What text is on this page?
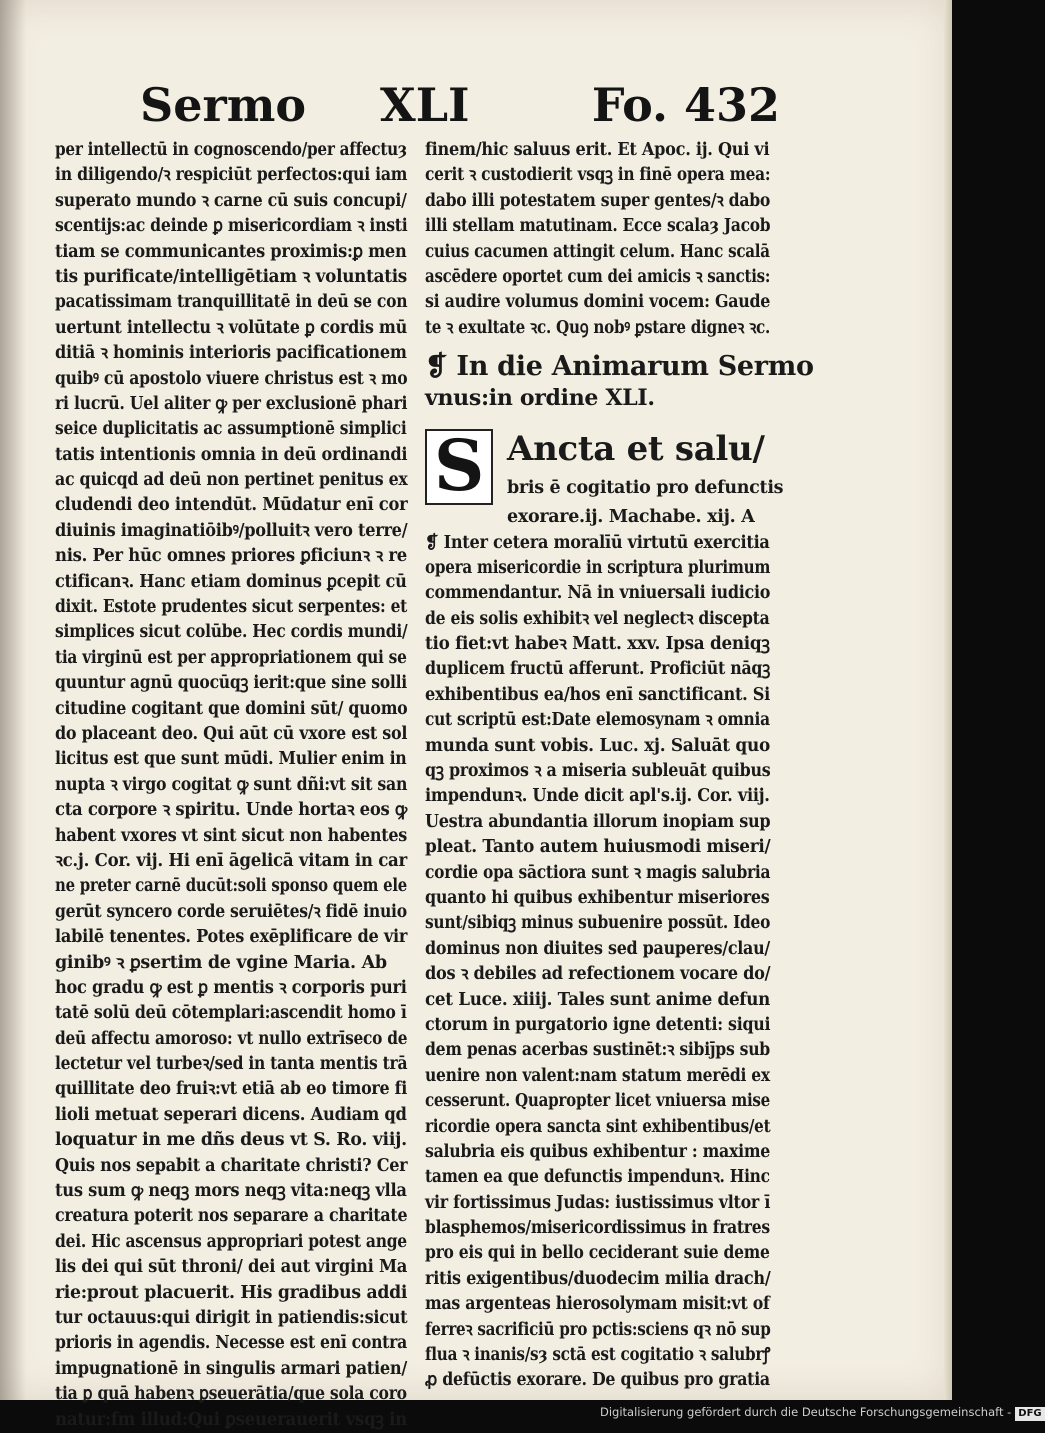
Sermo XLI	Fo. 432
per intellectū in cognoscendo/per affectuȝ
in diligendo/ꝛ respiciūt perfectos:qui iam
superato mundo ꝛ carne cū suis concupi/
scentijs:ac deinde ꝑ misericordiam ꝛ insti
tiam se communicantes proximis:ꝑ men
tis purificate/intelligētiam ꝛ voluntatis
pacatissimam tranquillitatē in deū se con
uertunt intellectu ꝛ volūtate ꝑ cordis mū
ditiā ꝛ hominis interioris pacificationem
quibꝰ cū apostolo viuere christus est ꝛ mo
ri lucrū. Uel aliter ꝙ per exclusionē phari
seice duplicitatis ac assumptionē simplici
tatis intentionis omnia in deū ordinandi
ac quicqd ad deū non pertinet penitus ex
cludendi deo intendūt. Mūdatur enī cor
diuinis imaginatiōibꝰ/polluitꝛ vero terre/
nis. Per hūc omnes priores ꝑficiunꝛ ꝛ re
ctificanꝛ. Hanc etiam dominus ꝑcepit cū
dixit. Estote prudentes sicut serpentes: et
simplices sicut colūbe. Hec cordis mundi/
tia virginū est per appropriationem qui se
quuntur agnū quocūqꝫ ierit:que sine solli
citudine cogitant que domini sūt/ quomo
do placeant deo. Qui aūt cū vxore est sol
licitus est que sunt mūdi. Mulier enim in
nupta ꝛ virgo cogitat ꝙ sunt dñi:vt sit san
cta corpore ꝛ spiritu. Unde hortaꝛ eos ꝙ
habent vxores vt sint sicut non habentes
ꝛc.j. Cor. vij. Hi enī āgelicā vitam in car
ne preter carnē ducūt:soli sponso quem ele
gerūt syncero corde seruiētes/ꝛ fidē inuio
labilē tenentes. Potes exēplificare de vir
ginibꝰ ꝛ ꝑsertim de vgine Maria. Ab
hoc gradu ꝙ est ꝑ mentis ꝛ corporis puri
tatē solū deū cōtemplari:ascendit homo ī
deū affectu amoroso: vt nullo extrīseco de
lectetur vel turbeꝛ/sed in tanta mentis trā
quillitate deo fruiꝛ:vt etiā ab eo timore fi
lioli metuat seperari dicens. Audiam qd
loquatur in me dñs deus vt S. Ro. viij.
Quis nos sepabit a charitate christi? Cer
tus sum ꝙ neqꝫ mors neqꝫ vita:neqꝫ vlla
creatura poterit nos separare a charitate
dei. Hic ascensus appropriari potest ange
lis dei qui sūt throni/ dei aut virgini Ma
rie:prout placuerit. His gradibus addi
tur octauus:qui dirigit in patiendis:sicut
prioris in agendis. Necesse est enī contra
impugnationē in singulis armari patien/
tia ꝑ quā habenꝛ ꝑseuerātia/que sola coro
natur:fm illud:Qui ꝑseuerauerit vsqꝫ in
finem/hic saluus erit. Et Apoc. ij. Qui vi
cerit ꝛ custodierit vsqꝫ in finē opera mea:
dabo illi potestatem super gentes/ꝛ dabo
illi stellam matutinam. Ecce scalaȝ Jacob
cuius cacumen attingit celum. Hanc scalā
ascēdere oportet cum dei amicis ꝛ sanctis:
si audire volumus domini vocem: Gaude
te ꝛ exultate ꝛc. Quꝯ nobꝰ ꝑstare digneꝛ ꝛc.
❡ In die Animarum Sermo
vnus:in ordine XLI.
S Ancta et salu/
bris ē cogitatio pro defunctis
exorare.ij. Machabe. xij. A
❡ Inter cetera moralīū virtutū exercitia
opera misericordie in scriptura plurimum
commendantur. Nā in vniuersali iudicio
de eis solis exhibitꝛ vel neglectꝛ discepta
tio fiet:vt habeꝛ Matt. xxv. Ipsa deniqꝫ
duplicem fructū afferunt. Proficiūt nāqꝫ
exhibentibus ea/hos enī sanctificant. Si
cut scriptū est:Date elemosynam ꝛ omnia
munda sunt vobis. Luc. xj. Saluāt quo
qꝫ proximos ꝛ a miseria subleuāt quibus
impendunꝛ. Unde dicit apl's.ij. Cor. viij.
Uestra abundantia illorum inopiam sup
pleat. Tanto autem huiusmodi miseri/
cordie opa sāctiora sunt ꝛ magis salubria
quanto hi quibus exhibentur miseriores
sunt/sibiqꝫ minus subuenire possūt. Ideo
dominus non diuites sed pauperes/clau/
dos ꝛ debiles ad refectionem vocare do/
cet Luce. xiiij. Tales sunt anime defun
ctorum in purgatorio igne detenti: siqui
dem penas acerbas sustinēt:ꝛ sibiȷ̄ps sub
uenire non valent:nam statum merēdi ex
cesserunt. Quapropter licet vniuersa mise
ricordie opera sancta sint exhibentibus/et
salubria eis quibus exhibentur : maxime
tamen ea que defunctis impendunꝛ. Hinc
vir fortissimus Judas: iustissimus vltor ī
blasphemos/misericordissimus in fratres
pro eis qui in bello ceciderant suie deme
ritis exigentibus/duodecim milia drach/
mas argenteas hierosolymam misit:vt of
ferreꝛ sacrificiū pro pctis:sciens qꝛ nō sup
flua ꝛ inanis/sȝ sctā est cogitatio ꝛ salubrꝭ
ꝓ defūctis exorare. De quibus pro gratia
Digitalisierung gefördert durch die Deutsche Forschungsgemeinschaft - DFG
